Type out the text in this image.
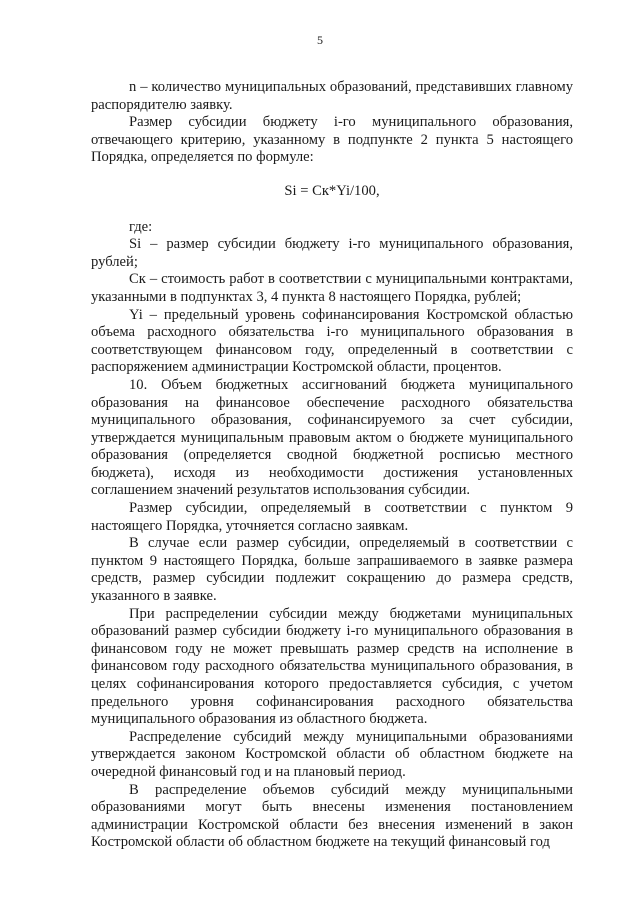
5

n – количество муниципальных образований, представивших главному распорядителю заявку.

Размер субсидии бюджету i-го муниципального образования, отвечающего критерию, указанному в подпункте 2 пункта 5 настоящего Порядка, определяется по формуле:

Si = Ск*Yi/100,

где:

Si – размер субсидии бюджету i-го муниципального образования, рублей;

Ск – стоимость работ в соответствии с муниципальными контрактами, указанными в подпунктах 3, 4 пункта 8 настоящего Порядка, рублей;

Yi – предельный уровень софинансирования Костромской областью объема расходного обязательства i-го муниципального образования в соответствующем финансовом году, определенный в соответствии с распоряжением администрации Костромской области, процентов.

10. Объем бюджетных ассигнований бюджета муниципального образования на финансовое обеспечение расходного обязательства муниципального образования, софинансируемого за счет субсидии, утверждается муниципальным правовым актом о бюджете муниципального образования (определяется сводной бюджетной росписью местного бюджета), исходя из необходимости достижения установленных соглашением значений результатов использования субсидии.

Размер субсидии, определяемый в соответствии с пунктом 9 настоящего Порядка, уточняется согласно заявкам.

В случае если размер субсидии, определяемый в соответствии с пунктом 9 настоящего Порядка, больше запрашиваемого в заявке размера средств, размер субсидии подлежит сокращению до размера средств, указанного в заявке.

При распределении субсидии между бюджетами муниципальных образований размер субсидии бюджету i-го муниципального образования в финансовом году не может превышать размер средств на исполнение в финансовом году расходного обязательства муниципального образования, в целях софинансирования которого предоставляется субсидия, с учетом предельного уровня софинансирования расходного обязательства муниципального образования из областного бюджета.

Распределение субсидий между муниципальными образованиями утверждается законом Костромской области об областном бюджете на очередной финансовый год и на плановый период.

В распределение объемов субсидий между муниципальными образованиями могут быть внесены изменения постановлением администрации Костромской области без внесения изменений в закон Костромской области об областном бюджете на текущий финансовый год
